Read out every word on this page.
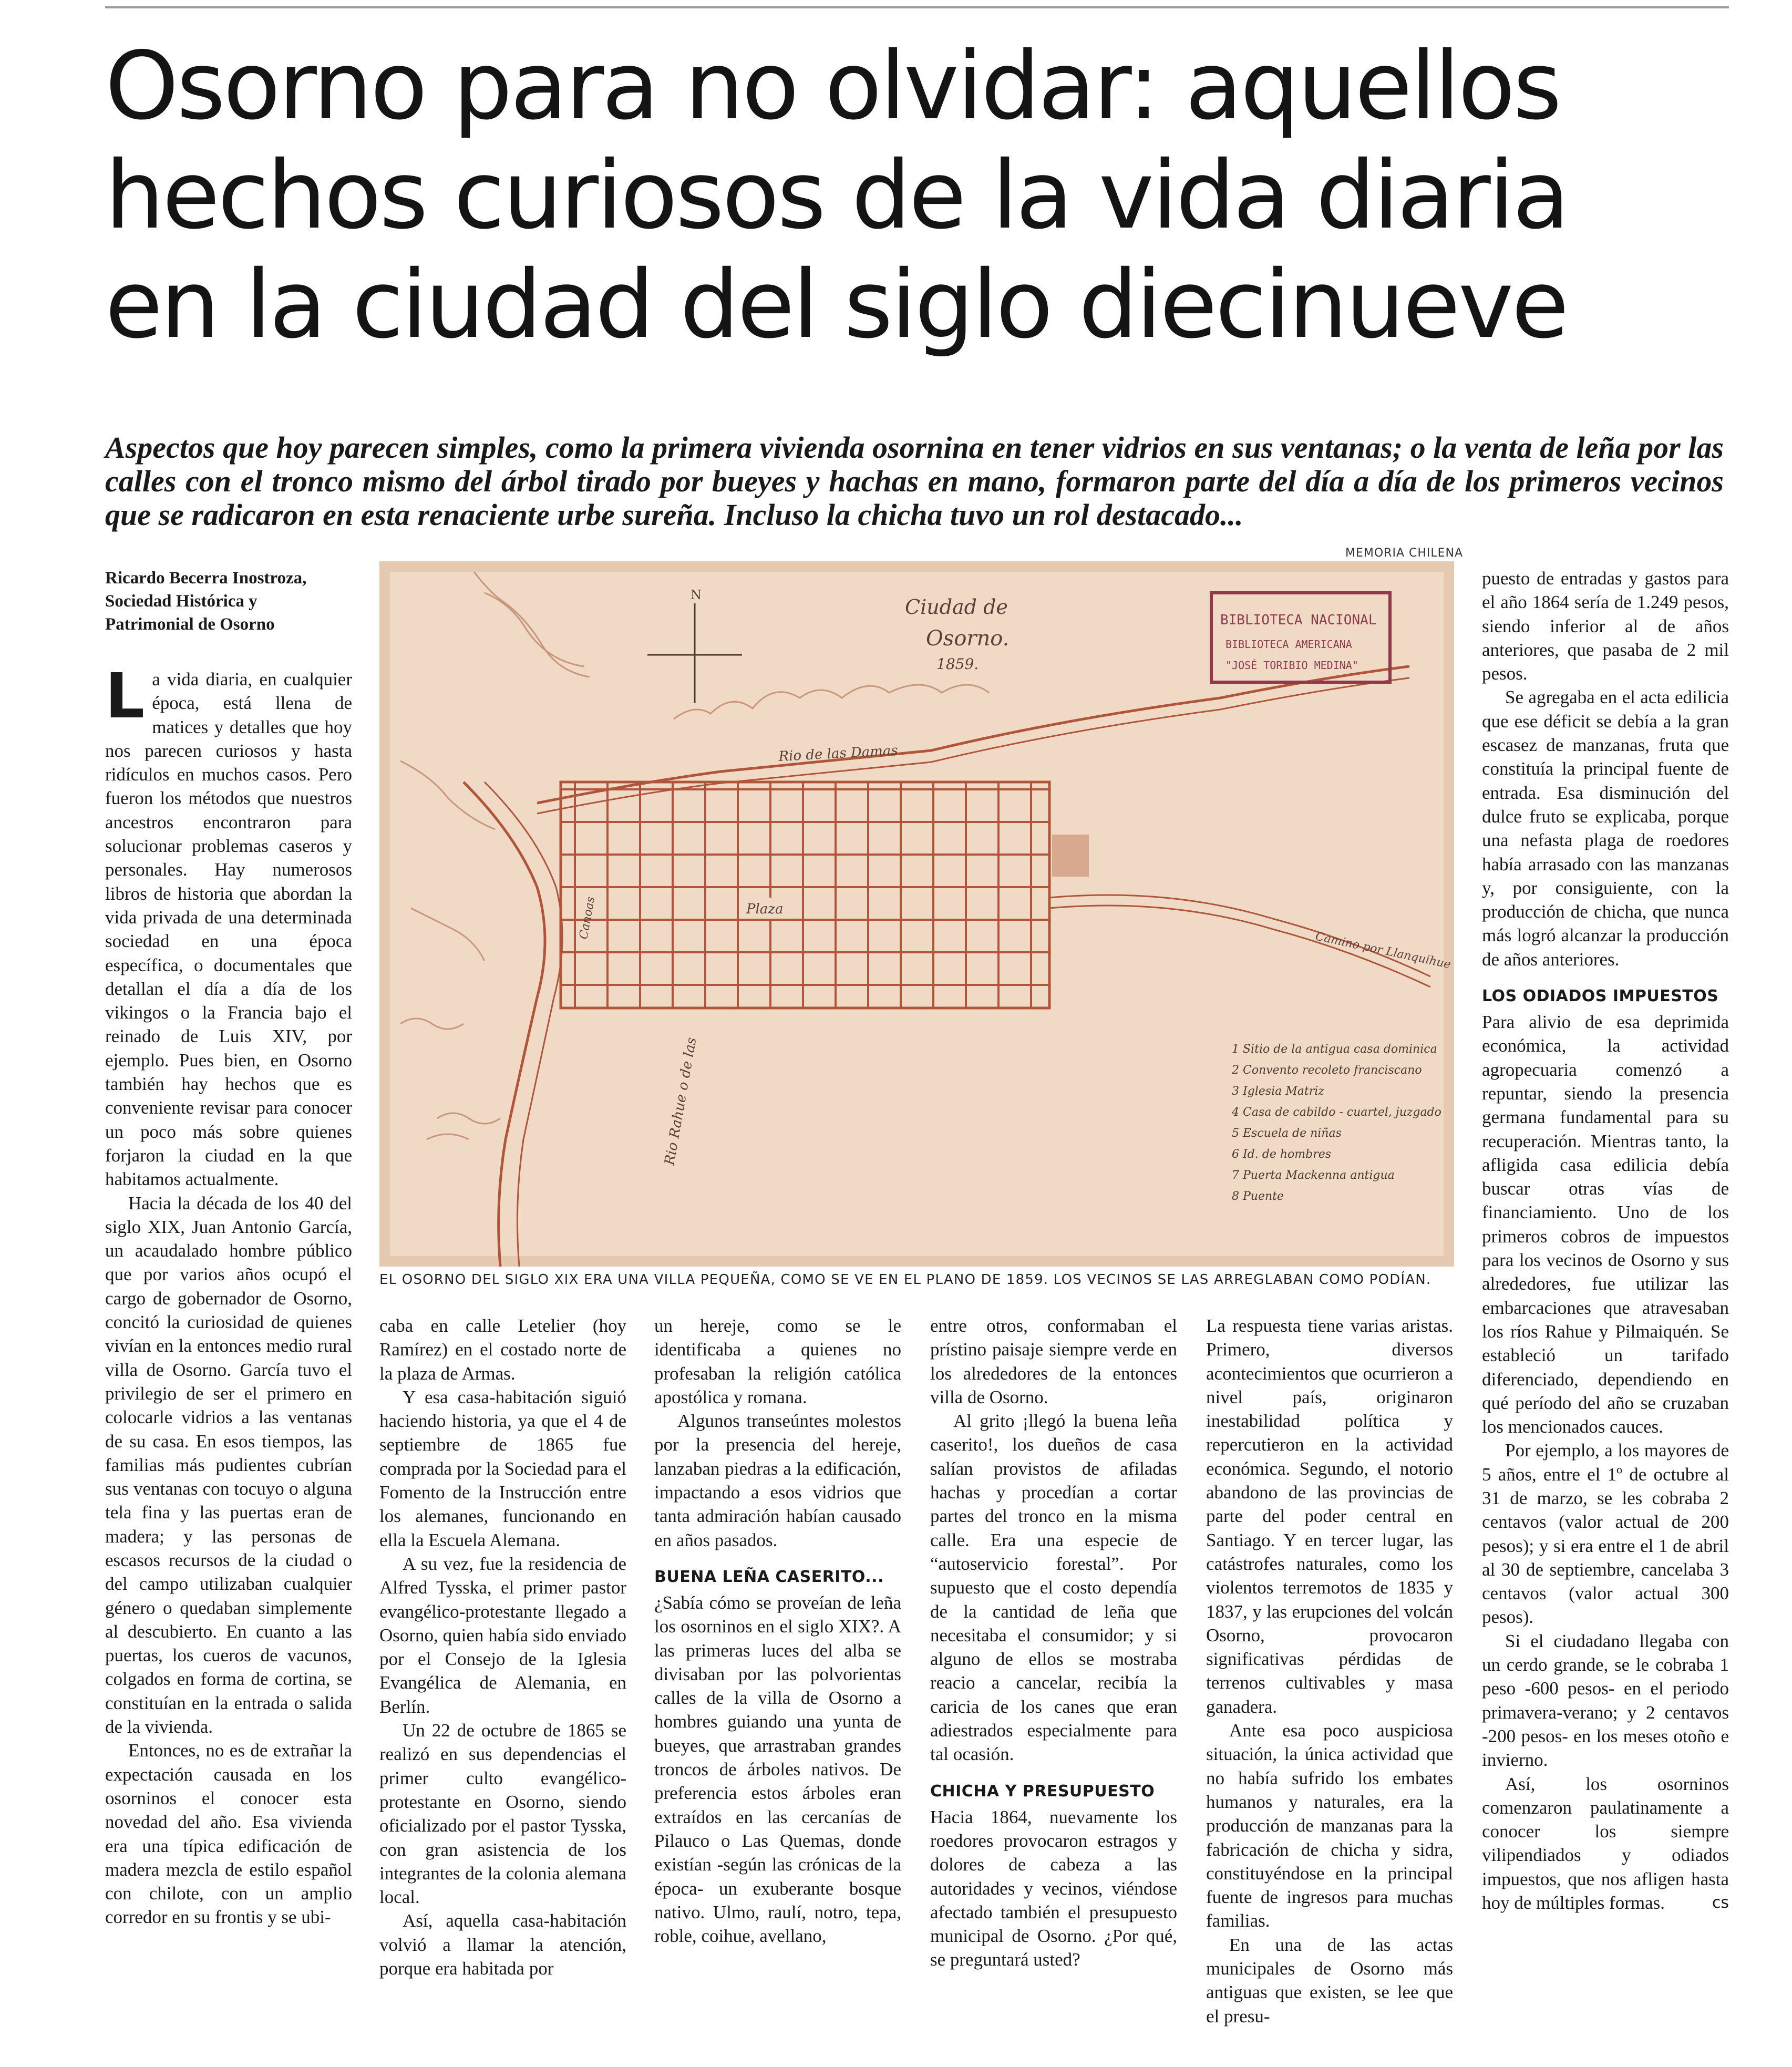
Osorno para no olvidar: aquellos
hechos curiosos de la vida diaria
en la ciudad del siglo diecinueve

Aspectos que hoy parecen simples, como la primera vivienda osornina en tener vidrios en sus ventanas; o la venta de leña por las calles con el tronco mismo del árbol tirado por bueyes y hachas en mano, formaron parte del día a día de los primeros vecinos que se radicaron en esta renaciente urbe sureña. Incluso la chicha tuvo un rol destacado...

MEMORIA CHILENA
N
Ciudad de
Osorno.
1859.
BIBLIOTECA NACIONAL
BIBLIOTECA AMERICANA
"JOSÉ TORIBIO MEDINA"
Rio de las Damas
Rio Rahue o de las
Canoas
Camino por Llanquihue
Plaza
1 Sitio de la antigua casa dominica
2 Convento recoleto franciscano
3 Iglesia Matriz
4 Casa de cabildo - cuartel, juzgado
5 Escuela de niñas
6 Id. de hombres
7 Puerta Mackenna antigua
8 Puente
EL OSORNO DEL SIGLO XIX ERA UNA VILLA PEQUEÑA, COMO SE VE EN EL PLANO DE 1859. LOS VECINOS SE LAS ARREGLABAN COMO PODÍAN.
Ricardo Becerra Inostroza,
Sociedad Histórica y
Patrimonial de Osorno
L a vida diaria, en cualquier época, está llena de matices y detalles que hoy nos parecen curiosos y hasta ridículos en muchos casos. Pero fueron los métodos que nuestros ancestros encontraron para solucionar problemas caseros y personales. Hay numerosos libros de historia que abordan la vida privada de una determinada sociedad en una época específica, o documentales que detallan el día a día de los vikingos o la Francia bajo el reinado de Luis XIV, por ejemplo. Pues bien, en Osorno también hay hechos que es conveniente revisar para conocer un poco más sobre quienes forjaron la ciudad en la que habitamos actualmente.

Hacia la década de los 40 del siglo XIX, Juan Antonio García, un acaudalado hombre público que por varios años ocupó el cargo de gobernador de Osorno, concitó la curiosidad de quienes vivían en la entonces medio rural villa de Osorno. García tuvo el privilegio de ser el primero en colocarle vidrios a las ventanas de su casa. En esos tiempos, las familias más pudientes cubrían sus ventanas con tocuyo o alguna tela fina y las puertas eran de madera; y las personas de escasos recursos de la ciudad o del campo utilizaban cualquier género o quedaban simplemente al descubierto. En cuanto a las puertas, los cueros de vacunos, colgados en forma de cortina, se constituían en la entrada o salida de la vivienda.

Entonces, no es de extrañar la expectación causada en los osorninos el conocer esta novedad del año. Esa vivienda era una típica edificación de madera mezcla de estilo español con chilote, con un amplio corredor en su frontis y se ubi-

caba en calle Letelier (hoy Ramírez) en el costado norte de la plaza de Armas.

Y esa casa-habitación siguió haciendo historia, ya que el 4 de septiembre de 1865 fue comprada por la Sociedad para el Fomento de la Instrucción entre los alemanes, funcionando en ella la Escuela Alemana.

A su vez, fue la residencia de Alfred Tysska, el primer pastor evangélico-protestante llegado a Osorno, quien había sido enviado por el Consejo de la Iglesia Evangélica de Alemania, en Berlín.

Un 22 de octubre de 1865 se realizó en sus dependencias el primer culto evangélico-protestante en Osorno, siendo oficializado por el pastor Tysska, con gran asistencia de los integrantes de la colonia alemana local.

Así, aquella casa-habitación volvió a llamar la atención, porque era habitada por

un hereje, como se le identificaba a quienes no profesaban la religión católica apostólica y romana.

Algunos transeúntes molestos por la presencia del hereje, lanzaban piedras a la edificación, impactando a esos vidrios que tanta admiración habían causado en años pasados.

BUENA LEÑA CASERITO...

¿Sabía cómo se proveían de leña los osorninos en el siglo XIX?. A las primeras luces del alba se divisaban por las polvorientas calles de la villa de Osorno a hombres guiando una yunta de bueyes, que arrastraban grandes troncos de árboles nativos. De preferencia estos árboles eran extraídos en las cercanías de Pilauco o Las Quemas, donde existían -según las crónicas de la época- un exuberante bosque nativo. Ulmo, raulí, notro, tepa, roble, coihue, avellano,

entre otros, conformaban el prístino paisaje siempre verde en los alrededores de la entonces villa de Osorno.

Al grito ¡llegó la buena leña caserito!, los dueños de casa salían provistos de afiladas hachas y procedían a cortar partes del tronco en la misma calle. Era una especie de “autoservicio forestal”. Por supuesto que el costo dependía de la cantidad de leña que necesitaba el consumidor; y si alguno de ellos se mostraba reacio a cancelar, recibía la caricia de los canes que eran adiestrados especialmente para tal ocasión.

CHICHA Y PRESUPUESTO

Hacia 1864, nuevamente los roedores provocaron estragos y dolores de cabeza a las autoridades y vecinos, viéndose afectado también el presupuesto municipal de Osorno. ¿Por qué, se preguntará usted?

La respuesta tiene varias aristas. Primero, diversos acontecimientos que ocurrieron a nivel país, originaron inestabilidad política y repercutieron en la actividad económica. Segundo, el notorio abandono de las provincias de parte del poder central en Santiago. Y en tercer lugar, las catástrofes naturales, como los violentos terremotos de 1835 y 1837, y las erupciones del volcán Osorno, provocaron significativas pérdidas de terrenos cultivables y masa ganadera.

Ante esa poco auspiciosa situación, la única actividad que no había sufrido los embates humanos y naturales, era la producción de manzanas para la fabricación de chicha y sidra, constituyéndose en la principal fuente de ingresos para muchas familias.

En una de las actas municipales de Osorno más antiguas que existen, se lee que el presu-

puesto de entradas y gastos para el año 1864 sería de 1.249 pesos, siendo inferior al de años anteriores, que pasaba de 2 mil pesos.

Se agregaba en el acta edilicia que ese déficit se debía a la gran escasez de manzanas, fruta que constituía la principal fuente de entrada. Esa disminución del dulce fruto se explicaba, porque una nefasta plaga de roedores había arrasado con las manzanas y, por consiguiente, con la producción de chicha, que nunca más logró alcanzar la producción de años anteriores.

LOS ODIADOS IMPUESTOS

Para alivio de esa deprimida económica, la actividad agropecuaria comenzó a repuntar, siendo la presencia germana fundamental para su recuperación. Mientras tanto, la afligida casa edilicia debía buscar otras vías de financiamiento. Uno de los primeros cobros de impuestos para los vecinos de Osorno y sus alrededores, fue utilizar las embarcaciones que atravesaban los ríos Rahue y Pilmaiquén. Se estableció un tarifado diferenciado, dependiendo en qué período del año se cruzaban los mencionados cauces.

Por ejemplo, a los mayores de 5 años, entre el 1º de octubre al 31 de marzo, se les cobraba 2 centavos (valor actual de 200 pesos); y si era entre el 1 de abril al 30 de septiembre, cancelaba 3 centavos (valor actual 300 pesos).

Si el ciudadano llegaba con un cerdo grande, se le cobraba 1 peso -600 pesos- en el periodo primavera-verano; y 2 centavos -200 pesos- en los meses otoño e invierno.

Así, los osorninos comenzaron paulatinamente a conocer los siempre vilipendiados y odiados impuestos, que nos afligen hasta hoy de múltiples formas.	cs
